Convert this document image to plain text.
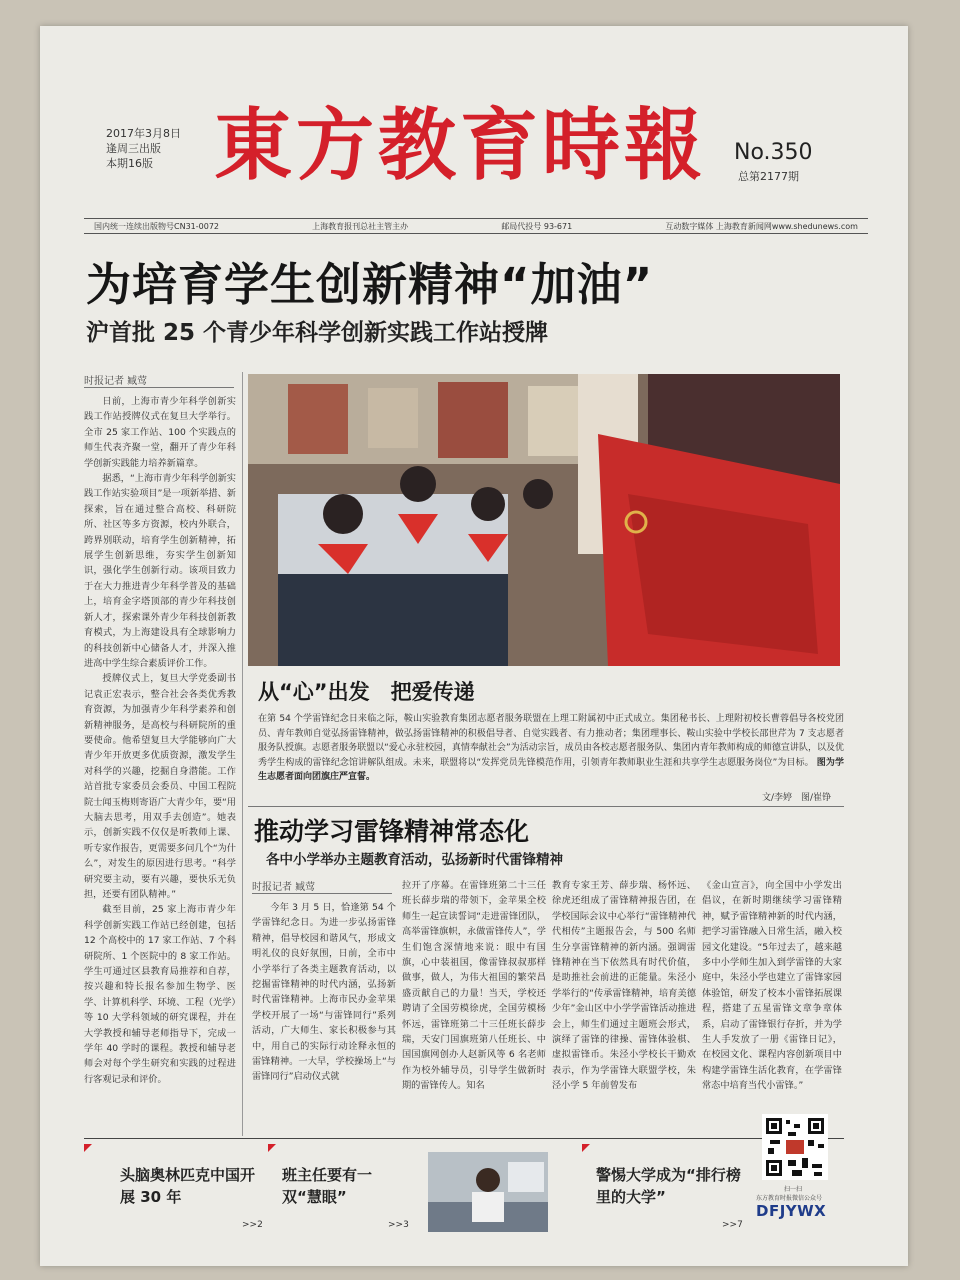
2017年3月8日
逢周三出版
本期16版 東方教育時報 No.350
总第2177期
国内统一连续出版物号CN31-0072	上海教育报刊总社主管主办	邮局代投号 93-671	互动数字媒体 上海教育新闻网www.shedunews.com
为培育学生创新精神“加油”
沪首批 25 个青少年科学创新实践工作站授牌
时报记者 臧莺

日前，上海市青少年科学创新实践工作站授牌仪式在复旦大学举行。全市 25 家工作站、100 个实践点的师生代表齐聚一堂，翻开了青少年科学创新实践能力培养新篇章。

据悉，“上海市青少年科学创新实践工作站实验项目”是一项新举措、新探索，旨在通过整合高校、科研院所、社区等多方资源，校内外联合，跨界别联动，培育学生创新精神，拓展学生创新思维，夯实学生创新知识，强化学生创新行动。该项目致力于在大力推进青少年科学普及的基础上，培育金字塔顶部的青少年科技创新人才，探索课外青少年科技创新教育模式，为上海建设具有全球影响力的科技创新中心储备人才，并深入推进高中学生综合素质评价工作。

授牌仪式上，复旦大学党委副书记袁正宏表示，整合社会各类优秀教育资源，为加强青少年科学素养和创新精神服务，是高校与科研院所的重要使命。他希望复旦大学能够向广大青少年开放更多优质资源，激发学生对科学的兴趣，挖掘自身潜能。工作站首批专家委员会委员、中国工程院院士闻玉梅则寄语广大青少年，要“用大脑去思考，用双手去创造”。她表示，创新实践不仅仅是听教师上课、听专家作报告，更需要多问几个“为什么”，对发生的原因进行思考。“科学研究要主动，要有兴趣，要快乐无负担，还要有团队精神。”

截至目前，25 家上海市青少年科学创新实践工作站已经创建，包括 12 个高校中的 17 家工作站、7 个科研院所、1 个医院中的 8 家工作站。学生可通过区县教育局推荐和自荐，按兴趣和特长报名参加生物学、医学、计算机科学、环境、工程（光学）等 10 大学科领域的研究课程，并在大学教授和辅导老师指导下，完成一学年 40 学时的课程。教授和辅导老师会对每个学生研究和实践的过程进行客观记录和评价。

从“心”出发　把爱传递
在第 54 个学雷锋纪念日来临之际，鞍山实验教育集团志愿者服务联盟在上理工附属初中正式成立。集团秘书长、上理附初校长曹蓉倡导各校党团员、青年教师自觉弘扬雷锋精神，做弘扬雷锋精神的积极倡导者、自觉实践者、有力推动者；集团理事长、鞍山实验中学校长邵世芹为 7 支志愿者服务队授旗。志愿者服务联盟以“爱心永驻校园，真情奉献社会”为活动宗旨，成员由各校志愿者服务队、集团内青年教师构成的师德宣讲队，以及优秀学生构成的雷锋纪念馆讲解队组成。未来，联盟将以“发挥党员先锋模范作用，引领青年教师职业生涯和共享学生志愿服务岗位”为目标。 图为学生志愿者面向团旗庄严宣誓。
文/李婷　图/崔铮
推动学习雷锋精神常态化
各中小学举办主题教育活动，弘扬新时代雷锋精神
时报记者 臧莺

今年 3 月 5 日，恰逢第 54 个学雷锋纪念日。为进一步弘扬雷锋精神，倡导校园和谐风气，形成文明礼仪的良好氛围，日前，全市中小学举行了各类主题教育活动，以挖掘雷锋精神的时代内涵，弘扬新时代雷锋精神。上海市民办金苹果学校开展了一场“与雷锋同行”系列活动，广大师生、家长积极参与其中，用自己的实际行动诠释永恒的雷锋精神。一大早，学校操场上“与雷锋同行”启动仪式就

拉开了序幕。在雷锋班第二十三任班长薛步瑞的带领下，金苹果全校师生一起宣读誓词“走进雷锋团队，高举雷锋旗帜，永做雷锋传人”，学生们饱含深情地来说：眼中有国旗，心中装祖国，像雷锋叔叔那样做事，做人，为伟大祖国的繁荣昌盛贡献自己的力量！当天，学校还聘请了全国劳模徐虎，全国劳模杨怀远，雷锋班第二十三任班长薛步瑞，天安门国旗班第八任班长、中国国旗网创办人赵新风等 6 名老师作为校外辅导员，引导学生做新时期的雷锋传人。知名

教育专家王芳、薛步瑞、杨怀远、徐虎还组成了雷锋精神报告团，在学校国际会议中心举行“雷锋精神代代相传”主题报告会，与 500 名师生分享雷锋精神的新内涵。强调雷锋精神在当下依然具有时代价值，是助推社会前进的正能量。朱泾小学举行的“传承雷锋精神，培育美德少年”金山区中小学学雷锋活动推进会上，师生们通过主题班会形式，演绎了雷锋的律操、雷锋体验棋、虚拟雷锋币。朱泾小学校长干勤欢表示，作为学雷锋大联盟学校，朱泾小学 5 年前曾发布

《金山宣言》，向全国中小学发出倡议，在新时期继续学习雷锋精神，赋予雷锋精神新的时代内涵，把学习雷锋融入日常生活，融入校园文化建设。“5年过去了，越来越多中小学师生加入到学雷锋的大家庭中，朱泾小学也建立了雷锋家园体验馆，研发了校本小雷锋拓展课程，搭建了五星雷锋文章争章体系，启动了雷锋银行存折，并为学生人手发放了一册《雷锋日记》，在校园文化、课程内容创新项目中构建学雷锋生活化教育，在学雷锋常态中培育当代小雷锋。”

头脑奥林匹克中国开展 30 年
>>2
班主任要有一双“慧眼”
>>3
警惕大学成为“排行榜里的大学”
>>7
扫一扫
东方教育时报微信公众号
DFJYWX
